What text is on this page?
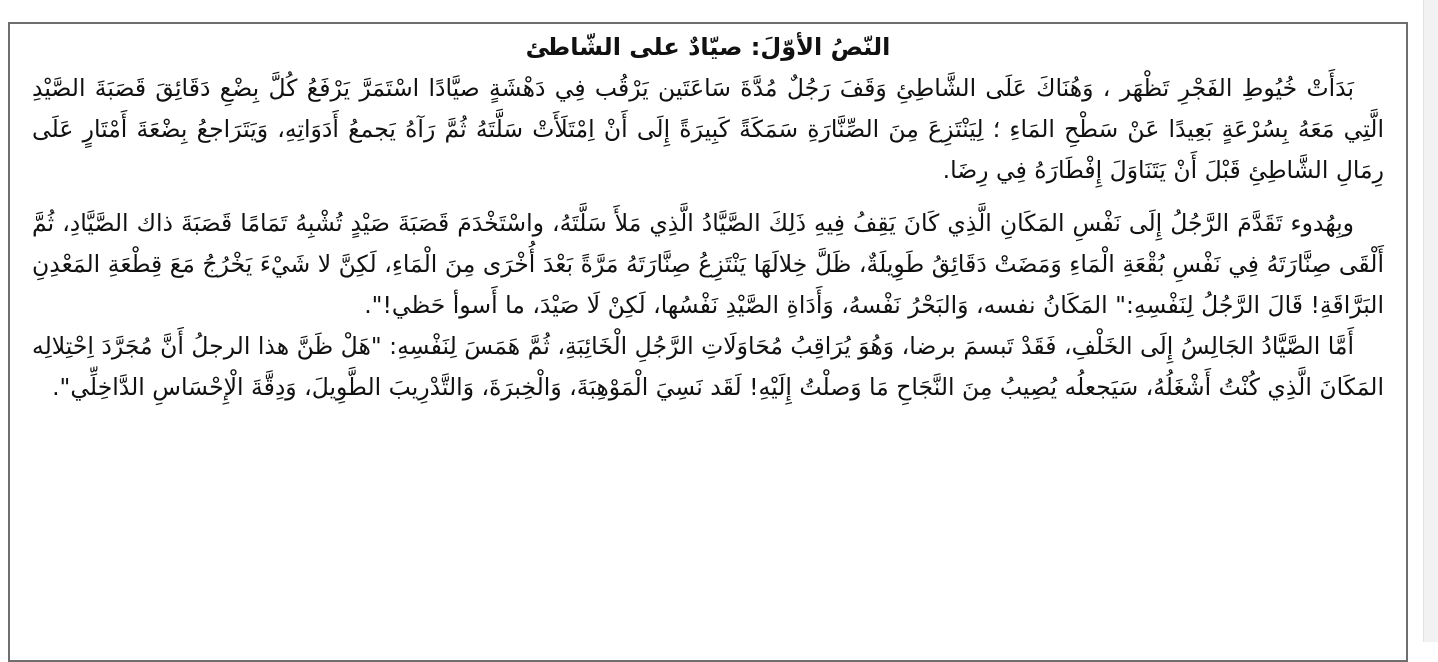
النّصُ الأوّلَ: صيّادٌ على الشّاطئ

بَدَأَتْ خُيُوطِ الفَجْرِ تَظْهَر ، وَهُنَاكَ عَلَى الشَّاطِئِ وَقَفَ رَجُلٌ مُدَّةَ سَاعَتَين يَرْقُب فِي دَهْشَةٍ صيَّادًا اسْتَمَرَّ يَرْفَعُ كُلَّ بِضْعِ دَقَائِقَ قَصَبَةَ الصَّيْدِ الَّتِي مَعَهُ بِسُرْعَةٍ بَعِيدًا عَنْ سَطْحِ المَاءِ ؛ لِيَنْتَزِعَ مِنَ الصِّنَّارَةِ سَمَكَةً كَبِيرَةً إِلَى أَنْ اِمْتَلَأَتْ سَلَّتَهُ ثُمَّ رَآهُ يَجمعُ أَدَوَاتِهِ، وَيَتَرَاجعُ بِضْعَةَ أَمْتَارٍ عَلَى رِمَالِ الشَّاطِئِ قَبْلَ أَنْ يَتَنَاوَلَ إِفْطَارَهُ فِي رِضَا.

وبِهُدوء تَقَدَّمَ الرَّجُلُ إِلَى نَفْسِ المَكَانِ الَّذِي كَانَ يَقِفُ فِيهِ ذَلِكَ الصَّيَّادُ الَّذِي مَلأَ سَلَّتَهُ، واسْتَخْدَمَ قَصَبَةَ صَيْدٍ تُشْبِهُ تَمَامًا قَصَبَةَ ذاك الصَّيَّادِ، ثُمَّ أَلْقَى صِنَّارَتَهُ فِي نَفْسِ بُقْعَةِ الْمَاءِ وَمَضَتْ دَقَائِقُ طَوِيلَةٌ، ظَلَّ خِلالَهَا يَنْتَزِعُ صِنَّارَتَهُ مَرَّةً بَعْدَ أُخْرَى مِنَ الْمَاءِ، لَكِنَّ لا شَيْءَ يَخْرُجُ مَعَ قِطْعَةِ المَعْدِنِ البَرَّاقَةِ! قَالَ الرَّجُلُ لِنَفْسِهِ:" المَكَانُ نفسه، وَالبَحْرُ نَفْسهُ، وَأَدَاةِ الصَّيْدِ نَفْسُها، لَكِنْ لَا صَيْدَ، ما أَسوأ حَظي!".

أَمَّا الصَّيَّادُ الجَالِسُ إِلَى الخَلْفِ، فَقَدْ تَبسمَ برضا، وَهُوَ يُرَاقِبُ مُحَاوَلَاتِ الرَّجُلِ الْخَائِبَةِ، ثُمَّ هَمَسَ لِنَفْسِهِ: "هَلْ ظَنَّ هذا الرجلُ أَنَّ مُجَرَّدَ اِحْتِلالِه المَكَانَ الَّذِي كُنْتُ أَشْغَلُهُ، سَيَجعلُه يُصِيبُ مِنَ النَّجَاحِ مَا وَصلْتُ إِلَيْهِ! لَقَد نَسِيَ الْمَوْهِبَةَ، وَالْخِبرَةَ، وَالتَّدْرِيبَ الطَّوِيلَ، وَدِقَّةَ الْإِحْسَاسِ الدَّاخِلِّي".
